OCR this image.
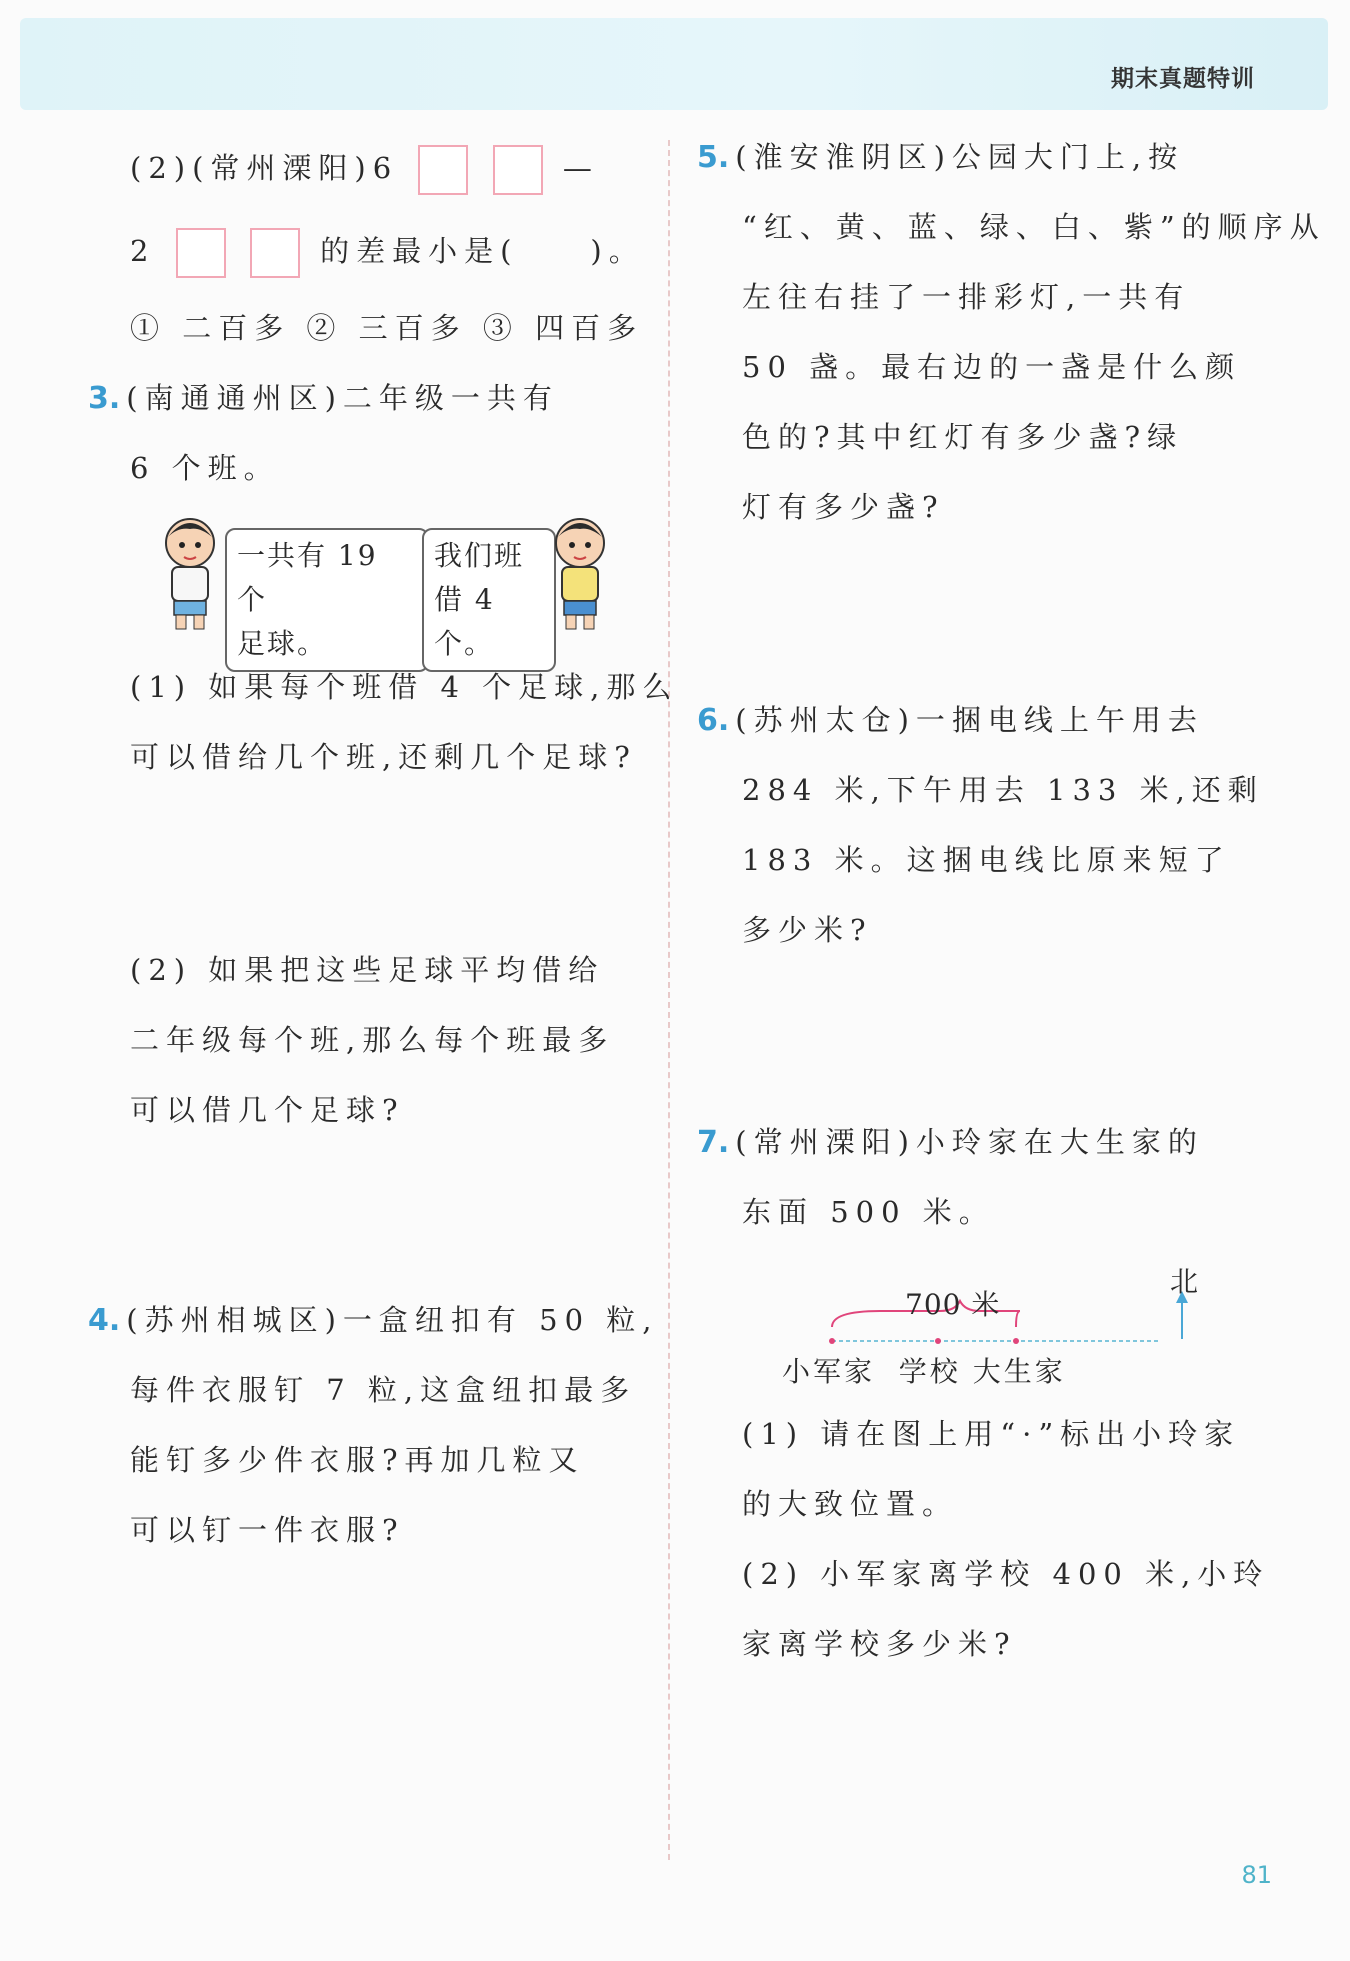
期末真题特训
(2)(常州溧阳)6	—
2	的差最小是(　　)。
① 二百多 ② 三百多 ③ 四百多
3. (南通通州区)二年级一共有
6 个班。
一共有 19 个
足球。
我们班
借 4 个。
(1) 如果每个班借 4 个足球,那么
可以借给几个班,还剩几个足球?
(2) 如果把这些足球平均借给
二年级每个班,那么每个班最多
可以借几个足球?
4. (苏州相城区)一盒纽扣有 50 粒,
每件衣服钉 7 粒,这盒纽扣最多
能钉多少件衣服?再加几粒又
可以钉一件衣服?
5. (淮安淮阴区)公园大门上,按
“红、黄、蓝、绿、白、紫”的顺序从
左往右挂了一排彩灯,一共有
50 盏。最右边的一盏是什么颜
色的?其中红灯有多少盏?绿
灯有多少盏?
6. (苏州太仓)一捆电线上午用去
284 米,下午用去 133 米,还剩
183 米。这捆电线比原来短了
多少米?
7. (常州溧阳)小玲家在大生家的
东面 500 米。
700 米
北
小军家  学校 大生家
(1) 请在图上用“·”标出小玲家
的大致位置。
(2) 小军家离学校 400 米,小玲
家离学校多少米?
81
